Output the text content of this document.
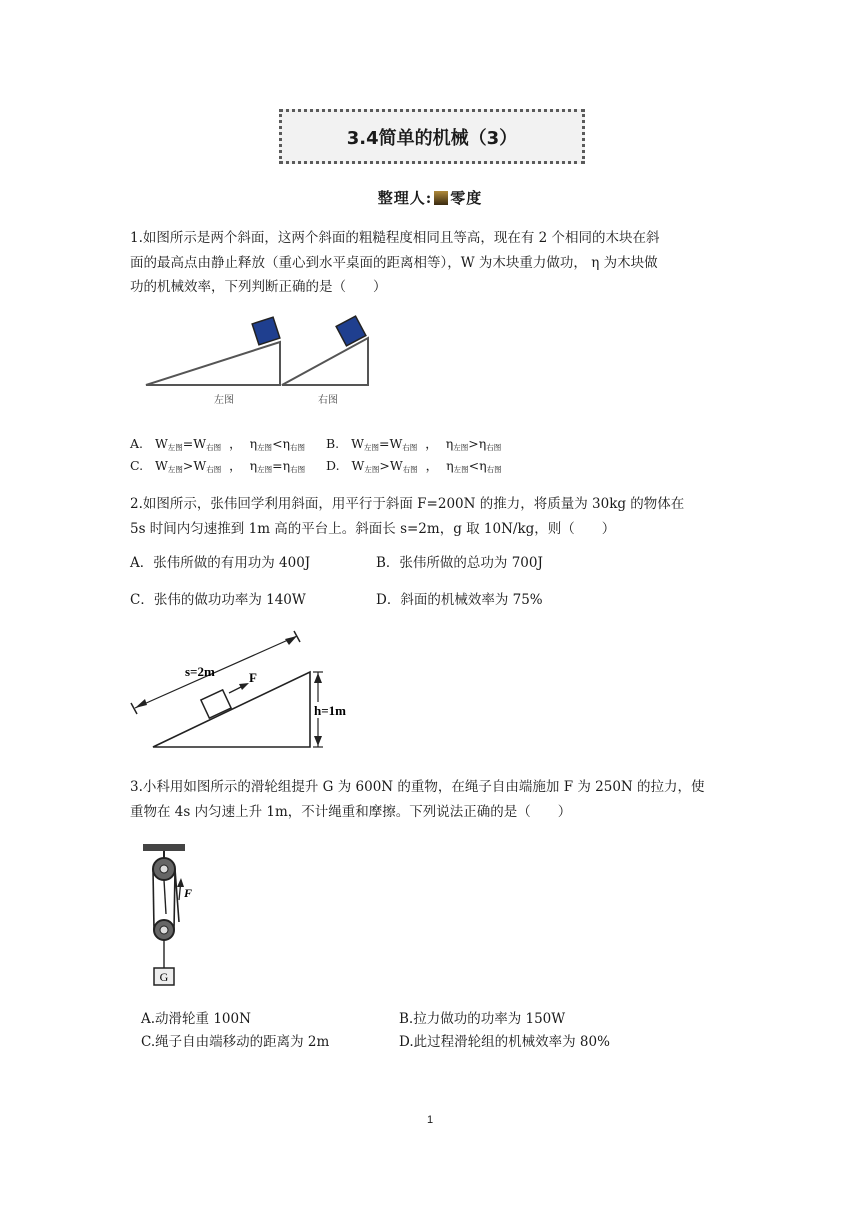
3.4简单的机械（3）
整理人: 零度
1.如图所示是两个斜面，这两个斜面的粗糙程度相同且等高，现在有 2 个相同的木块在斜
面的最高点由静止释放（重心到水平桌面的距离相等），W 为木块重力做功， η 为木块做
功的机械效率，下列判断正确的是（　　）
左图	右图
A. $W_{左图}=W_{右图}$ ， $\eta_{左图}<\eta_{右图}$ B. $W_{左图}=W_{右图}$ ， $\eta_{左图}>\eta_{右图}$
C. $W_{左图}>W_{右图}$ ， $\eta_{左图}=\eta_{右图}$ D. $W_{左图}>W_{右图}$ ， $\eta_{左图}<\eta_{右图}$
2.如图所示，张伟回学利用斜面，用平行于斜面 F=200N 的推力，将质量为 30kg 的物体在
5s 时间内匀速推到 1m 高的平台上。斜面长 s=2m，g 取 10N/kg，则（　　）
A．张伟所做的有用功为 400J	B．张伟所做的总功为 700J
C．张伟的做功功率为 140W	D．斜面的机械效率为 75%
s=2m	F
h=1m
3.小科用如图所示的滑轮组提升 G 为 600N 的重物，在绳子自由端施加 F 为 250N 的拉力，使
重物在 4s 内匀速上升 1m，不计绳重和摩擦。下列说法正确的是（　　）
F
G
A.动滑轮重 100N	B.拉力做功的功率为 150W
C.绳子自由端移动的距离为 2m	D.此过程滑轮组的机械效率为 80%
1
